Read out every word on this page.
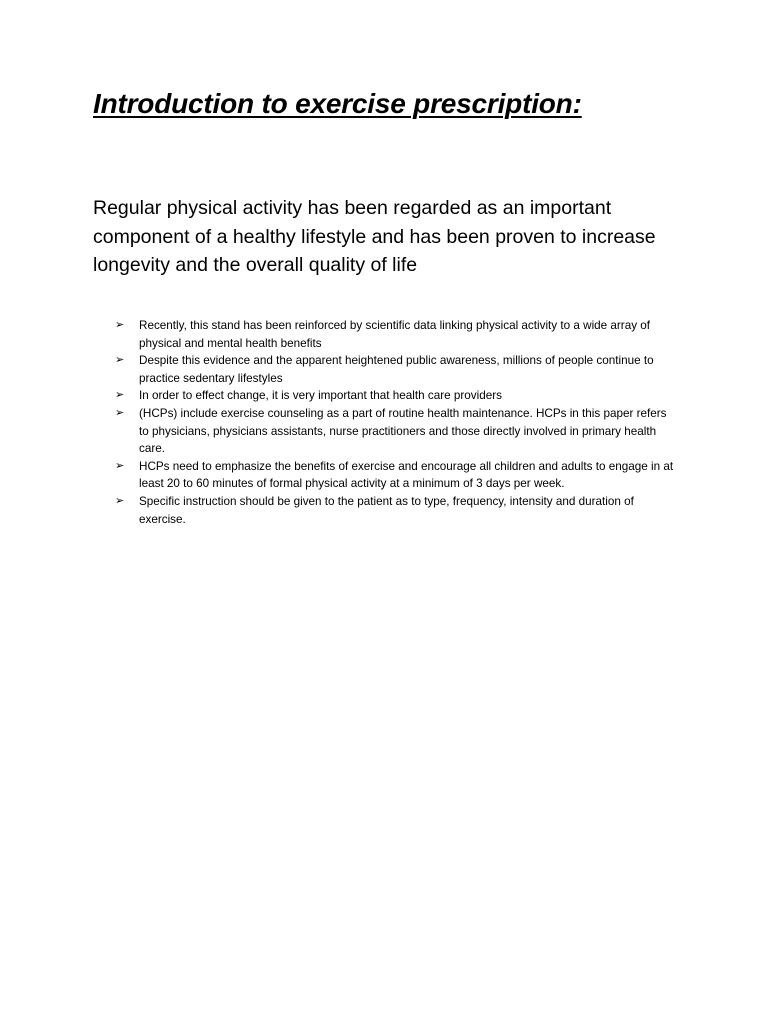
Introduction to exercise prescription:

Regular physical activity has been regarded as an important component of a healthy lifestyle and has been proven to increase longevity and the overall quality of life

➢ Recently, this stand has been reinforced by scientific data linking physical activity to a wide array of physical and mental health benefits
➢ Despite this evidence and the apparent heightened public awareness, millions of people continue to practice sedentary lifestyles
➢ In order to effect change, it is very important that health care providers
➢ (HCPs) include exercise counseling as a part of routine health maintenance. HCPs in this paper refers to physicians, physicians assistants, nurse practitioners and those directly involved in primary health care.
➢ HCPs need to emphasize the benefits of exercise and encourage all children and adults to engage in at least 20 to 60 minutes of formal physical activity at a minimum of 3 days per week.
➢ Specific instruction should be given to the patient as to type, frequency, intensity and duration of exercise.
